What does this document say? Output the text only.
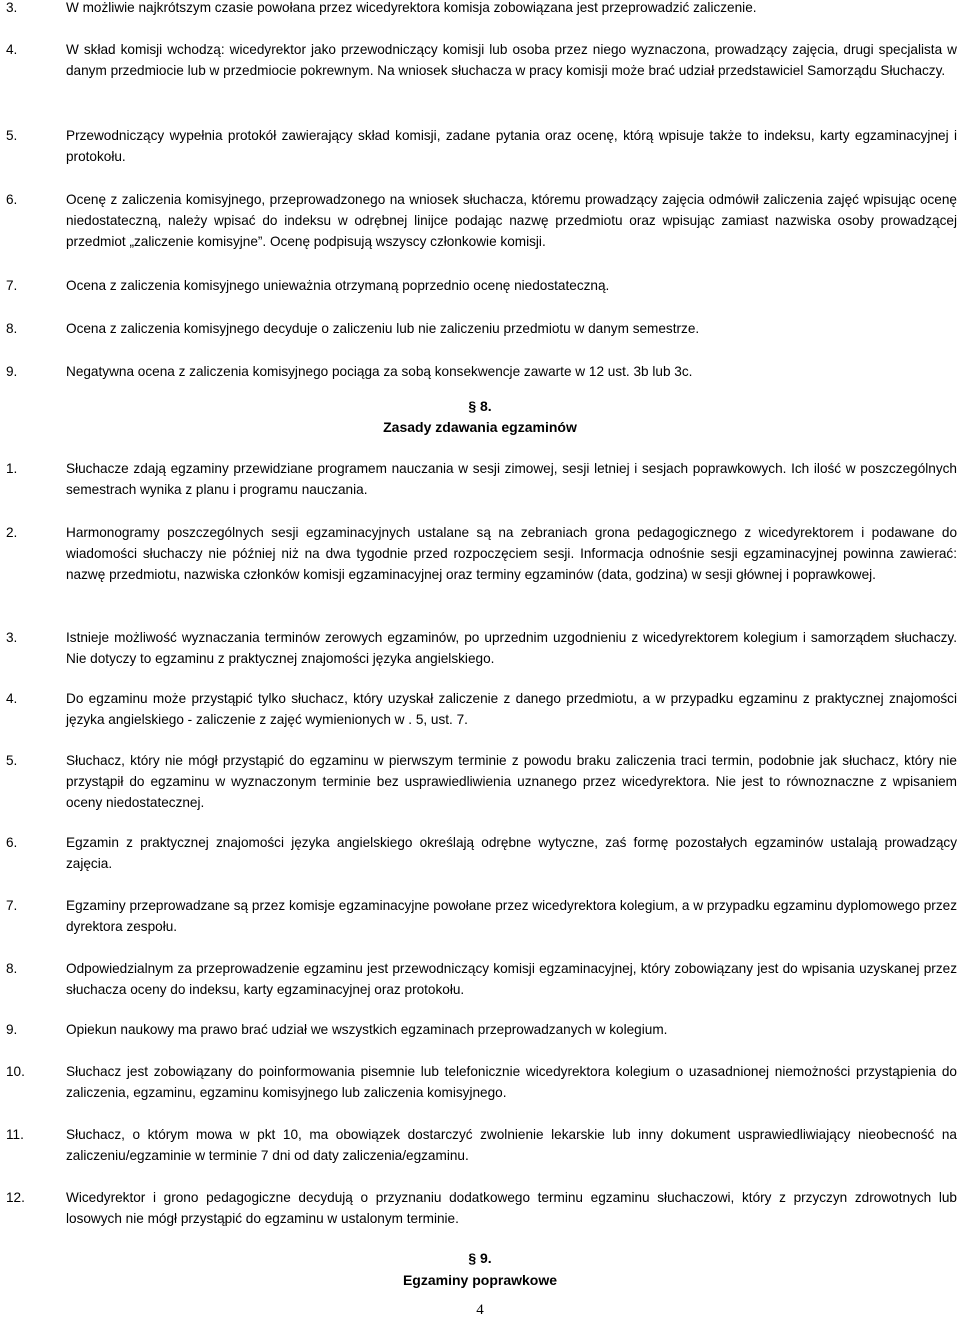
3.	W możliwie najkrótszym czasie powołana przez wicedyrektora komisja zobowiązana jest przeprowadzić zaliczenie.
4.	W skład komisji wchodzą: wicedyrektor jako przewodniczący komisji lub osoba przez niego wyznaczona, prowadzący zajęcia, drugi specjalista w danym przedmiocie lub w przedmiocie pokrewnym. Na wniosek słuchacza w pracy komisji może brać udział przedstawiciel Samorządu Słuchaczy.
5.	Przewodniczący wypełnia protokół zawierający skład komisji, zadane pytania oraz ocenę, którą wpisuje także to indeksu, karty egzaminacyjnej i protokołu.
6.	Ocenę z zaliczenia komisyjnego, przeprowadzonego na wniosek słuchacza, któremu prowadzący zajęcia odmówił zaliczenia zajęć wpisując ocenę niedostateczną, należy wpisać do indeksu w odrębnej linijce podając nazwę przedmiotu oraz wpisując zamiast nazwiska osoby prowadzącej przedmiot „zaliczenie komisyjne”. Ocenę podpisują wszyscy członkowie komisji.
7.	Ocena z zaliczenia komisyjnego unieważnia otrzymaną poprzednio ocenę niedostateczną.
8.	Ocena z zaliczenia komisyjnego decyduje o zaliczeniu lub nie zaliczeniu przedmiotu w danym semestrze.
9.	Negatywna ocena z zaliczenia komisyjnego pociąga za sobą konsekwencje zawarte w 12 ust. 3b lub 3c.
§ 8.
Zasady zdawania egzaminów
1.	Słuchacze zdają egzaminy przewidziane programem nauczania w sesji zimowej, sesji letniej i sesjach poprawkowych. Ich ilość w poszczególnych semestrach wynika z planu i programu nauczania.
2.	Harmonogramy poszczególnych sesji egzaminacyjnych ustalane są na zebraniach grona pedagogicznego z wicedyrektorem i podawane do wiadomości słuchaczy nie później niż na dwa tygodnie przed rozpoczęciem sesji. Informacja odnośnie sesji egzaminacyjnej powinna zawierać: nazwę przedmiotu, nazwiska członków komisji egzaminacyjnej oraz terminy egzaminów (data, godzina) w sesji głównej i poprawkowej.
3.	Istnieje możliwość wyznaczania terminów zerowych egzaminów, po uprzednim uzgodnieniu z wicedyrektorem kolegium i samorządem słuchaczy. Nie dotyczy to egzaminu z praktycznej znajomości języka angielskiego.
4.	Do egzaminu może przystąpić tylko słuchacz, który uzyskał zaliczenie z danego przedmiotu, a w przypadku egzaminu z praktycznej znajomości języka angielskiego - zaliczenie z zajęć wymienionych w . 5, ust. 7.
5.	Słuchacz, który nie mógł przystąpić do egzaminu w pierwszym terminie z powodu braku zaliczenia traci termin, podobnie jak słuchacz, który nie przystąpił do egzaminu w wyznaczonym terminie bez usprawiedliwienia uznanego przez wicedyrektora. Nie jest to równoznaczne z wpisaniem oceny niedostatecznej.
6.	Egzamin z praktycznej znajomości języka angielskiego określają odrębne wytyczne, zaś formę pozostałych egzaminów ustalają prowadzący zajęcia.
7.	Egzaminy przeprowadzane są przez komisje egzaminacyjne powołane przez wicedyrektora kolegium, a w przypadku egzaminu dyplomowego przez dyrektora zespołu.
8.	Odpowiedzialnym za przeprowadzenie egzaminu jest przewodniczący komisji egzaminacyjnej, który zobowiązany jest do wpisania uzyskanej przez słuchacza oceny do indeksu, karty egzaminacyjnej oraz protokołu.
9.	Opiekun naukowy ma prawo brać udział we wszystkich egzaminach przeprowadzanych w kolegium.
10.	Słuchacz jest zobowiązany do poinformowania pisemnie lub telefonicznie wicedyrektora kolegium o uzasadnionej niemożności przystąpienia do zaliczenia, egzaminu, egzaminu komisyjnego lub zaliczenia komisyjnego.
11.	Słuchacz, o którym mowa w pkt 10, ma obowiązek dostarczyć zwolnienie lekarskie lub inny dokument usprawiedliwiający nieobecność na zaliczeniu/egzaminie w terminie 7 dni od daty zaliczenia/egzaminu.
12.	Wicedyrektor i grono pedagogiczne decydują o przyznaniu dodatkowego terminu egzaminu słuchaczowi, który z przyczyn zdrowotnych lub losowych nie mógł przystąpić do egzaminu w ustalonym terminie.
§ 9.
Egzaminy poprawkowe
4
